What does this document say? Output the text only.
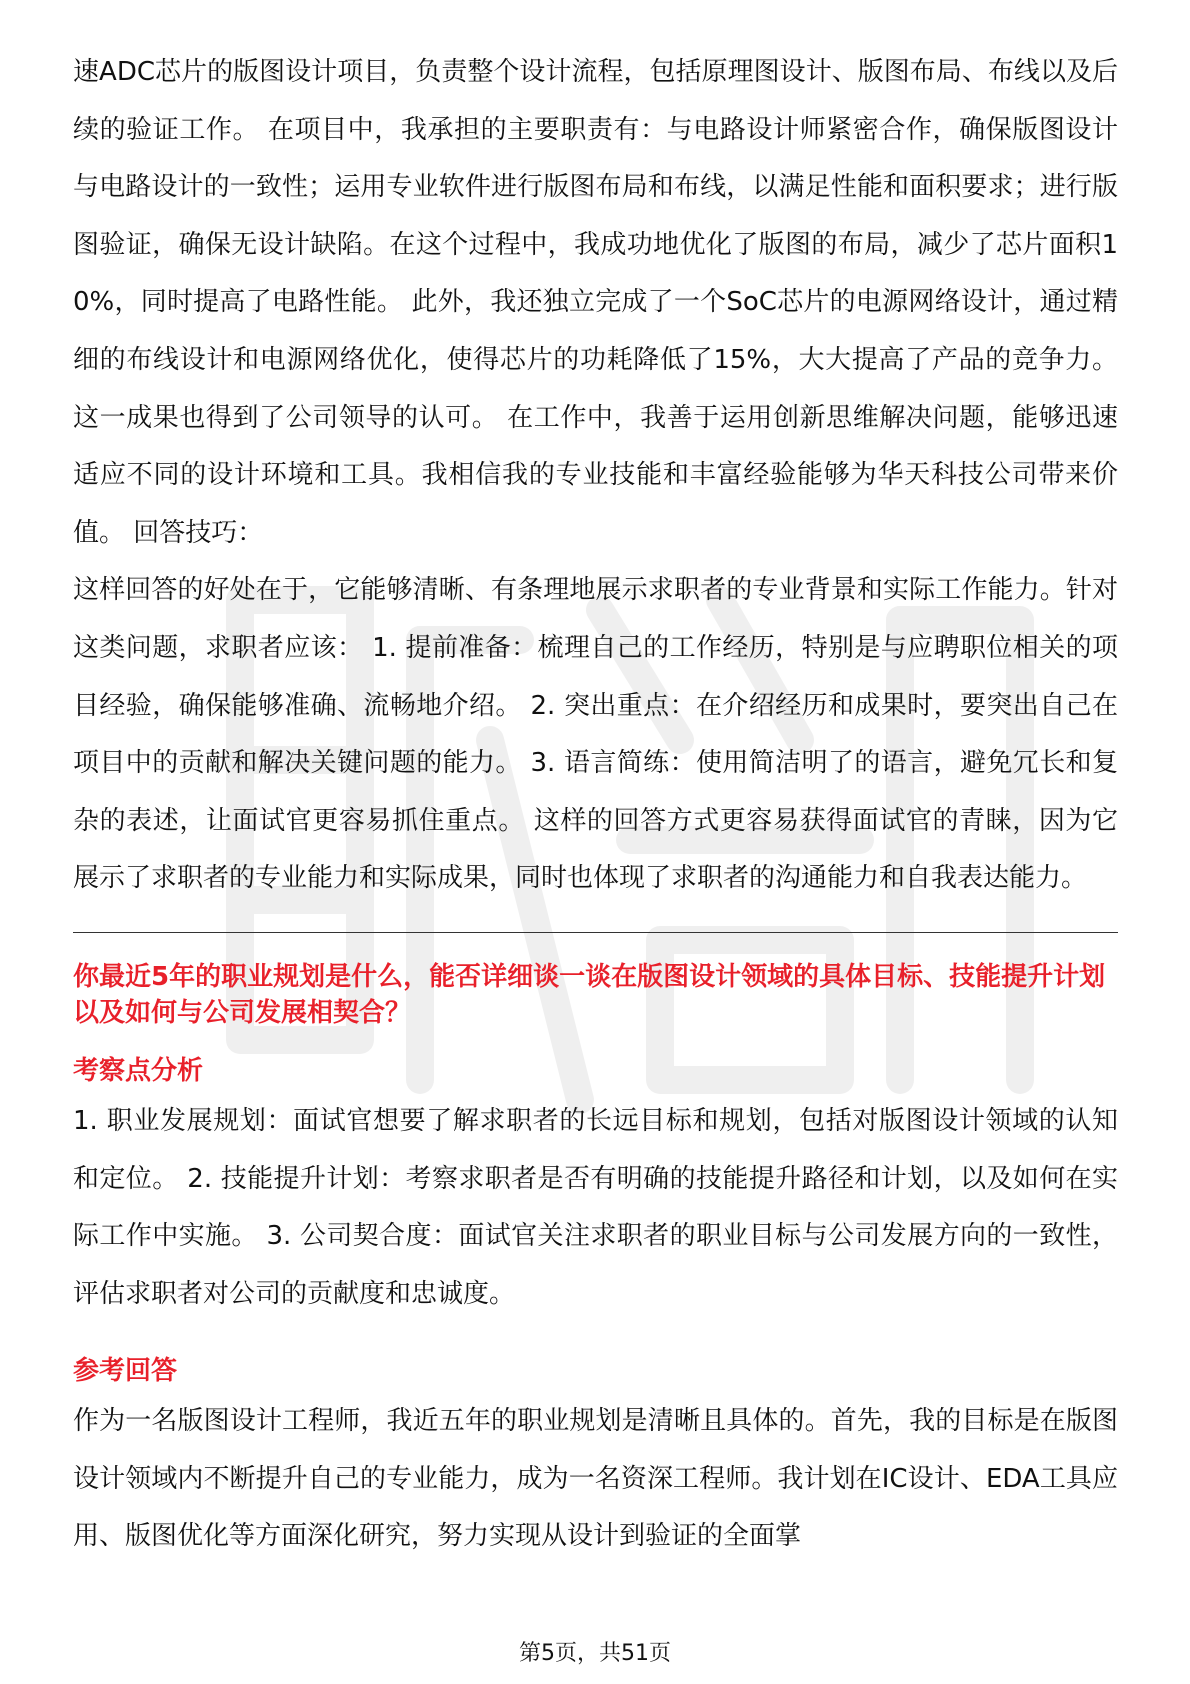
速ADC芯片的版图设计项目，负责整个设计流程，包括原理图设计、版图布局、布线以及后续的验证工作。 在项目中，我承担的主要职责有：与电路设计师紧密合作，确保版图设计与电路设计的一致性；运用专业软件进行版图布局和布线，以满足性能和面积要求；进行版图验证，确保无设计缺陷。在这个过程中，我成功地优化了版图的布局，减少了芯片面积10%，同时提高了电路性能。 此外，我还独立完成了一个SoC芯片的电源网络设计，通过精细的布线设计和电源网络优化，使得芯片的功耗降低了15%，大大提高了产品的竞争力。这一成果也得到了公司领导的认可。 在工作中，我善于运用创新思维解决问题，能够迅速适应不同的设计环境和工具。我相信我的专业技能和丰富经验能够为华天科技公司带来价值。 回答技巧：

这样回答的好处在于，它能够清晰、有条理地展示求职者的专业背景和实际工作能力。针对这类问题，求职者应该： 1. 提前准备：梳理自己的工作经历，特别是与应聘职位相关的项目经验，确保能够准确、流畅地介绍。 2. 突出重点：在介绍经历和成果时，要突出自己在项目中的贡献和解决关键问题的能力。 3. 语言简练：使用简洁明了的语言，避免冗长和复杂的表述，让面试官更容易抓住重点。 这样的回答方式更容易获得面试官的青睐，因为它展示了求职者的专业能力和实际成果，同时也体现了求职者的沟通能力和自我表达能力。

你最近5年的职业规划是什么，能否详细谈一谈在版图设计领域的具体目标、技能提升计划以及如何与公司发展相契合？

考察点分析

1. 职业发展规划：面试官想要了解求职者的长远目标和规划，包括对版图设计领域的认知和定位。 2. 技能提升计划：考察求职者是否有明确的技能提升路径和计划，以及如何在实际工作中实施。 3. 公司契合度：面试官关注求职者的职业目标与公司发展方向的一致性，评估求职者对公司的贡献度和忠诚度。

参考回答

作为一名版图设计工程师，我近五年的职业规划是清晰且具体的。首先，我的目标是在版图设计领域内不断提升自己的专业能力，成为一名资深工程师。我计划在IC设计、EDA工具应用、版图优化等方面深化研究，努力实现从设计到验证的全面掌

第5页，共51页
